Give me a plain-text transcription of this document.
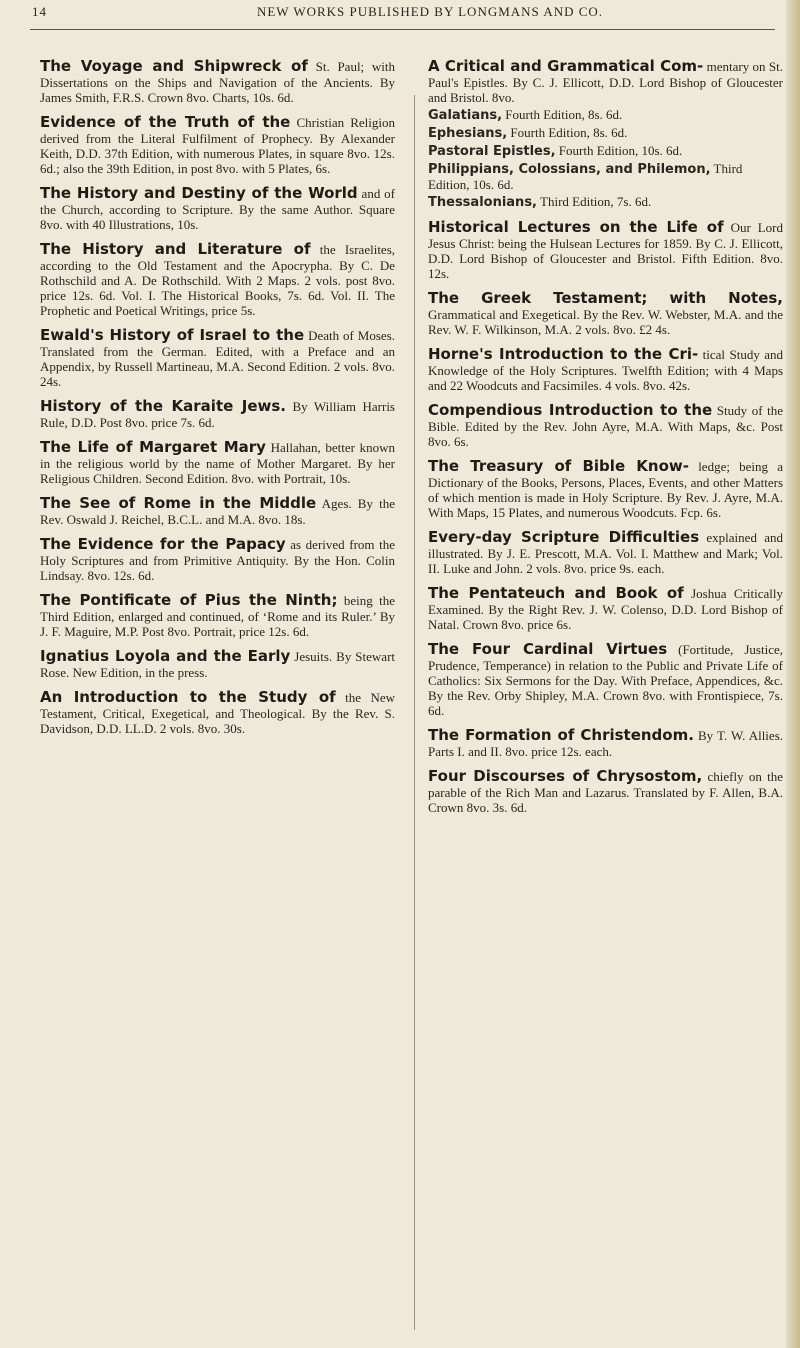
14	NEW WORKS PUBLISHED BY LONGMANS AND CO.
The Voyage and Shipwreck of St. Paul; with Dissertations on the Ships and Navigation of the Ancients. By James Smith, F.R.S. Crown 8vo. Charts, 10s. 6d.
Evidence of the Truth of the Christian Religion derived from the Literal Fulfilment of Prophecy. By Alexander Keith, D.D. 37th Edition, with numerous Plates, in square 8vo. 12s. 6d.; also the 39th Edition, in post 8vo. with 5 Plates, 6s.
The History and Destiny of the World and of the Church, according to Scripture. By the same Author. Square 8vo. with 40 Illustrations, 10s.
The History and Literature of the Israelites, according to the Old Testament and the Apocrypha. By C. De Rothschild and A. De Rothschild. With 2 Maps. 2 vols. post 8vo. price 12s. 6d. Vol. I. The Historical Books, 7s. 6d. Vol. II. The Prophetic and Poetical Writings, price 5s.
Ewald's History of Israel to the Death of Moses. Translated from the German. Edited, with a Preface and an Appendix, by Russell Martineau, M.A. Second Edition. 2 vols. 8vo. 24s.
History of the Karaite Jews. By William Harris Rule, D.D. Post 8vo. price 7s. 6d.
The Life of Margaret Mary Hallahan, better known in the religious world by the name of Mother Margaret. By her Religious Children. Second Edition. 8vo. with Portrait, 10s.
The See of Rome in the Middle Ages. By the Rev. Oswald J. Reichel, B.C.L. and M.A. 8vo. 18s.
The Evidence for the Papacy as derived from the Holy Scriptures and from Primitive Antiquity. By the Hon. Colin Lindsay. 8vo. 12s. 6d.
The Pontificate of Pius the Ninth; being the Third Edition, enlarged and continued, of ‘Rome and its Ruler.’ By J. F. Maguire, M.P. Post 8vo. Portrait, price 12s. 6d.
Ignatius Loyola and the Early Jesuits. By Stewart Rose. New Edition, in the press.
An Introduction to the Study of the New Testament, Critical, Exegetical, and Theological. By the Rev. S. Davidson, D.D. LL.D. 2 vols. 8vo. 30s.
A Critical and Grammatical Com- mentary on St. Paul's Epistles. By C. J. Ellicott, D.D. Lord Bishop of Gloucester and Bristol. 8vo.
Galatians, Fourth Edition, 8s. 6d.
Ephesians, Fourth Edition, 8s. 6d.
Pastoral Epistles, Fourth Edition, 10s. 6d.
Philippians, Colossians, and Philemon, Third Edition, 10s. 6d.
Thessalonians, Third Edition, 7s. 6d.
Historical Lectures on the Life of Our Lord Jesus Christ: being the Hulsean Lectures for 1859. By C. J. Ellicott, D.D. Lord Bishop of Gloucester and Bristol. Fifth Edition. 8vo. 12s.
The Greek Testament; with Notes, Grammatical and Exegetical. By the Rev. W. Webster, M.A. and the Rev. W. F. Wilkinson, M.A. 2 vols. 8vo. £2 4s.
Horne's Introduction to the Cri- tical Study and Knowledge of the Holy Scriptures. Twelfth Edition; with 4 Maps and 22 Woodcuts and Facsimiles. 4 vols. 8vo. 42s.
Compendious Introduction to the Study of the Bible. Edited by the Rev. John Ayre, M.A. With Maps, &c. Post 8vo. 6s.
The Treasury of Bible Know- ledge; being a Dictionary of the Books, Persons, Places, Events, and other Matters of which mention is made in Holy Scripture. By Rev. J. Ayre, M.A. With Maps, 15 Plates, and numerous Woodcuts. Fcp. 6s.
Every-day Scripture Difficulties explained and illustrated. By J. E. Prescott, M.A. Vol. I. Matthew and Mark; Vol. II. Luke and John. 2 vols. 8vo. price 9s. each.
The Pentateuch and Book of Joshua Critically Examined. By the Right Rev. J. W. Colenso, D.D. Lord Bishop of Natal. Crown 8vo. price 6s.
The Four Cardinal Virtues (Fortitude, Justice, Prudence, Temperance) in relation to the Public and Private Life of Catholics: Six Sermons for the Day. With Preface, Appendices, &c. By the Rev. Orby Shipley, M.A. Crown 8vo. with Frontispiece, 7s. 6d.
The Formation of Christendom. By T. W. Allies. Parts I. and II. 8vo. price 12s. each.
Four Discourses of Chrysostom, chiefly on the parable of the Rich Man and Lazarus. Translated by F. Allen, B.A. Crown 8vo. 3s. 6d.
